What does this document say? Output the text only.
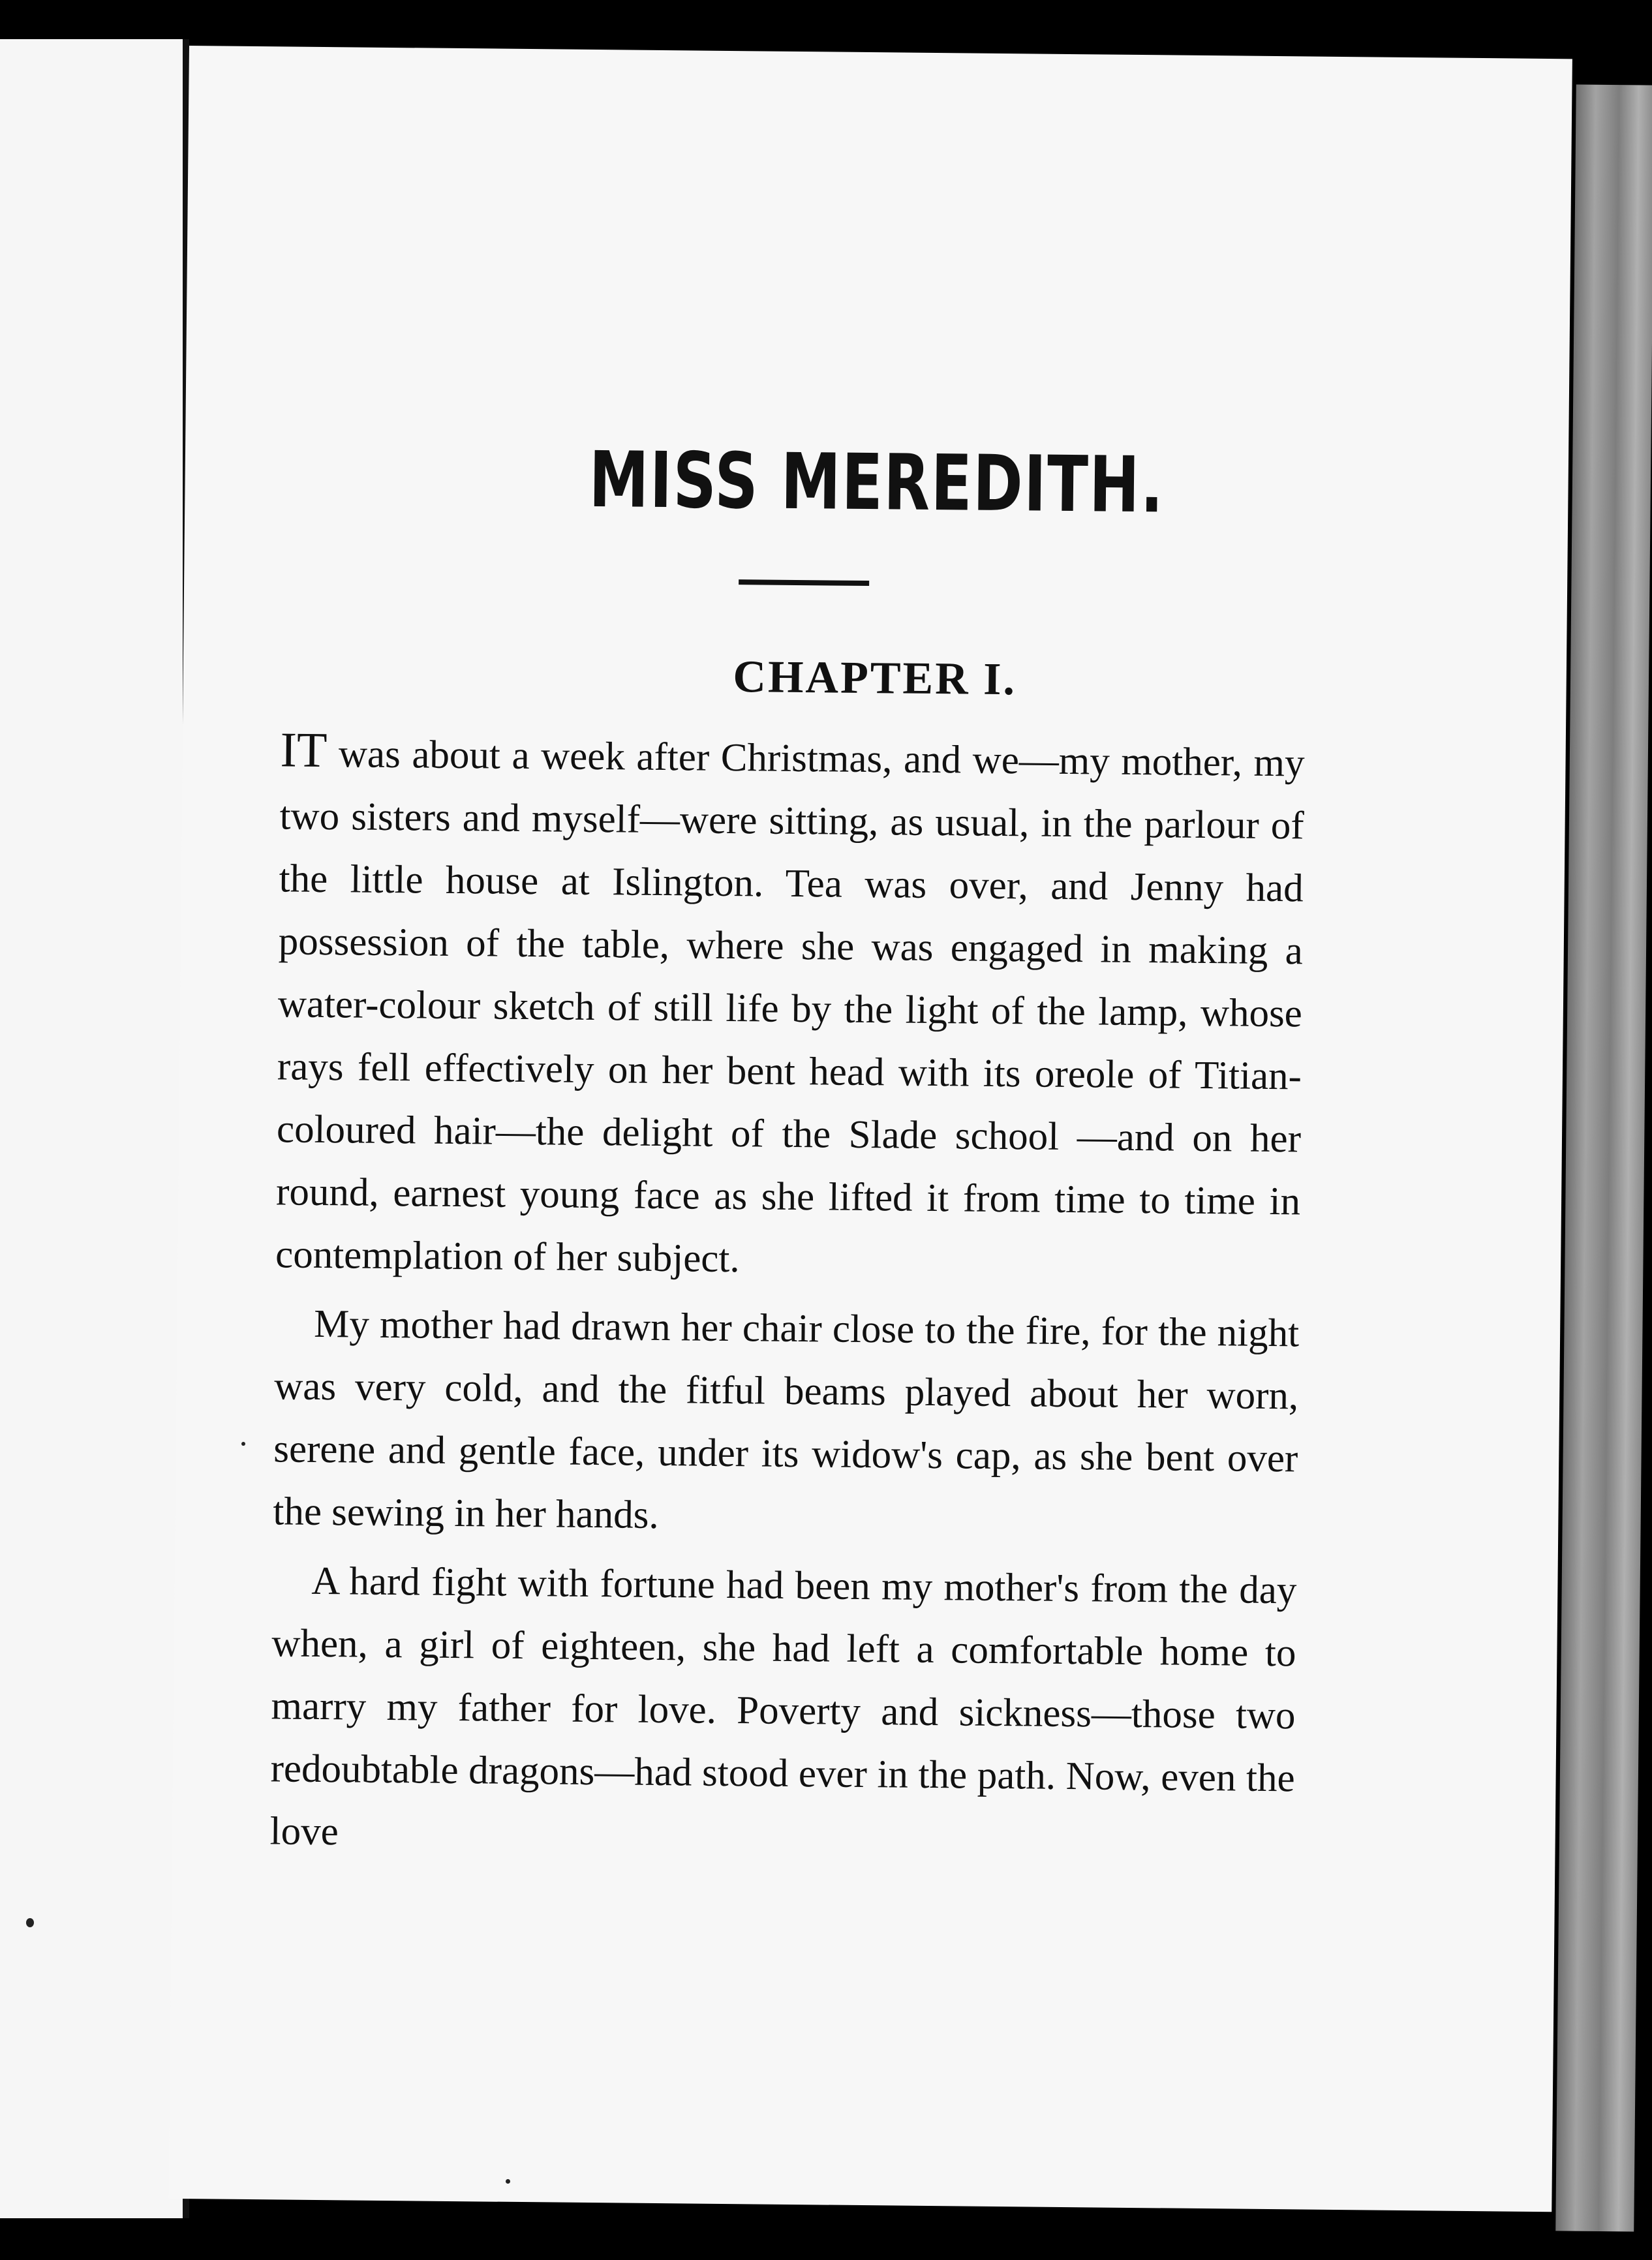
MISS MEREDITH.
CHAPTER I.

IT was about a week after Christmas, and we—my mother, my two sisters and myself—were sitting, as usual, in the parlour of the little house at Islington. Tea was over, and Jenny had possession of the table, where she was engaged in making a water-colour sketch of still life by the light of the lamp, whose rays fell effectively on her bent head with its oreole of Titian-coloured hair—the delight of the Slade school —and on her round, earnest young face as she lifted it from time to time in contemplation of her subject.

My mother had drawn her chair close to the fire, for the night was very cold, and the fitful beams played about her worn, serene and gentle face, under its widow's cap, as she bent over the sewing in her hands.

A hard fight with fortune had been my mother's from the day when, a girl of eighteen, she had left a comfortable home to marry my father for love. Poverty and sickness—those two redoubtable dragons—had stood ever in the path. Now, even the love
